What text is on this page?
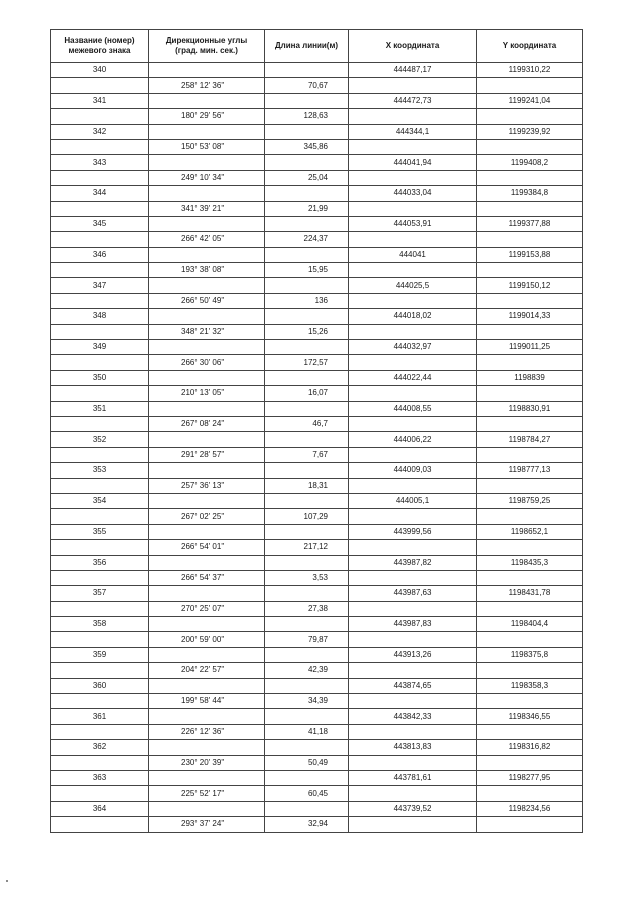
Название (номер)
межевого знака	Дирекционные углы
(град. мин. сек.)	Длина линии(м)	X координата	Y координата
340			444487,17	1199310,22
	258° 12' 36"	70,67		
341			444472,73	1199241,04
	180° 29' 56"	128,63		
342			444344,1	1199239,92
	150° 53' 08"	345,86		
343			444041,94	1199408,2
	249° 10' 34"	25,04		
344			444033,04	1199384,8
	341° 39' 21"	21,99		
345			444053,91	1199377,88
	266° 42' 05"	224,37		
346			444041	1199153,88
	193° 38' 08"	15,95		
347			444025,5	1199150,12
	266° 50' 49"	136		
348			444018,02	1199014,33
	348° 21' 32"	15,26		
349			444032,97	1199011,25
	266° 30' 06"	172,57		
350			444022,44	1198839
	210° 13' 05"	16,07		
351			444008,55	1198830,91
	267° 08' 24"	46,7		
352			444006,22	1198784,27
	291° 28' 57"	7,67		
353			444009,03	1198777,13
	257° 36' 13"	18,31		
354			444005,1	1198759,25
	267° 02' 25"	107,29		
355			443999,56	1198652,1
	266° 54' 01"	217,12		
356			443987,82	1198435,3
	266° 54' 37"	3,53		
357			443987,63	1198431,78
	270° 25' 07"	27,38		
358			443987,83	1198404,4
	200° 59' 00"	79,87		
359			443913,26	1198375,8
	204° 22' 57"	42,39		
360			443874,65	1198358,3
	199° 58' 44"	34,39		
361			443842,33	1198346,55
	226° 12' 36"	41,18		
362			443813,83	1198316,82
	230° 20' 39"	50,49		
363			443781,61	1198277,95
	225° 52' 17"	60,45		
364			443739,52	1198234,56
	293° 37' 24"	32,94		
